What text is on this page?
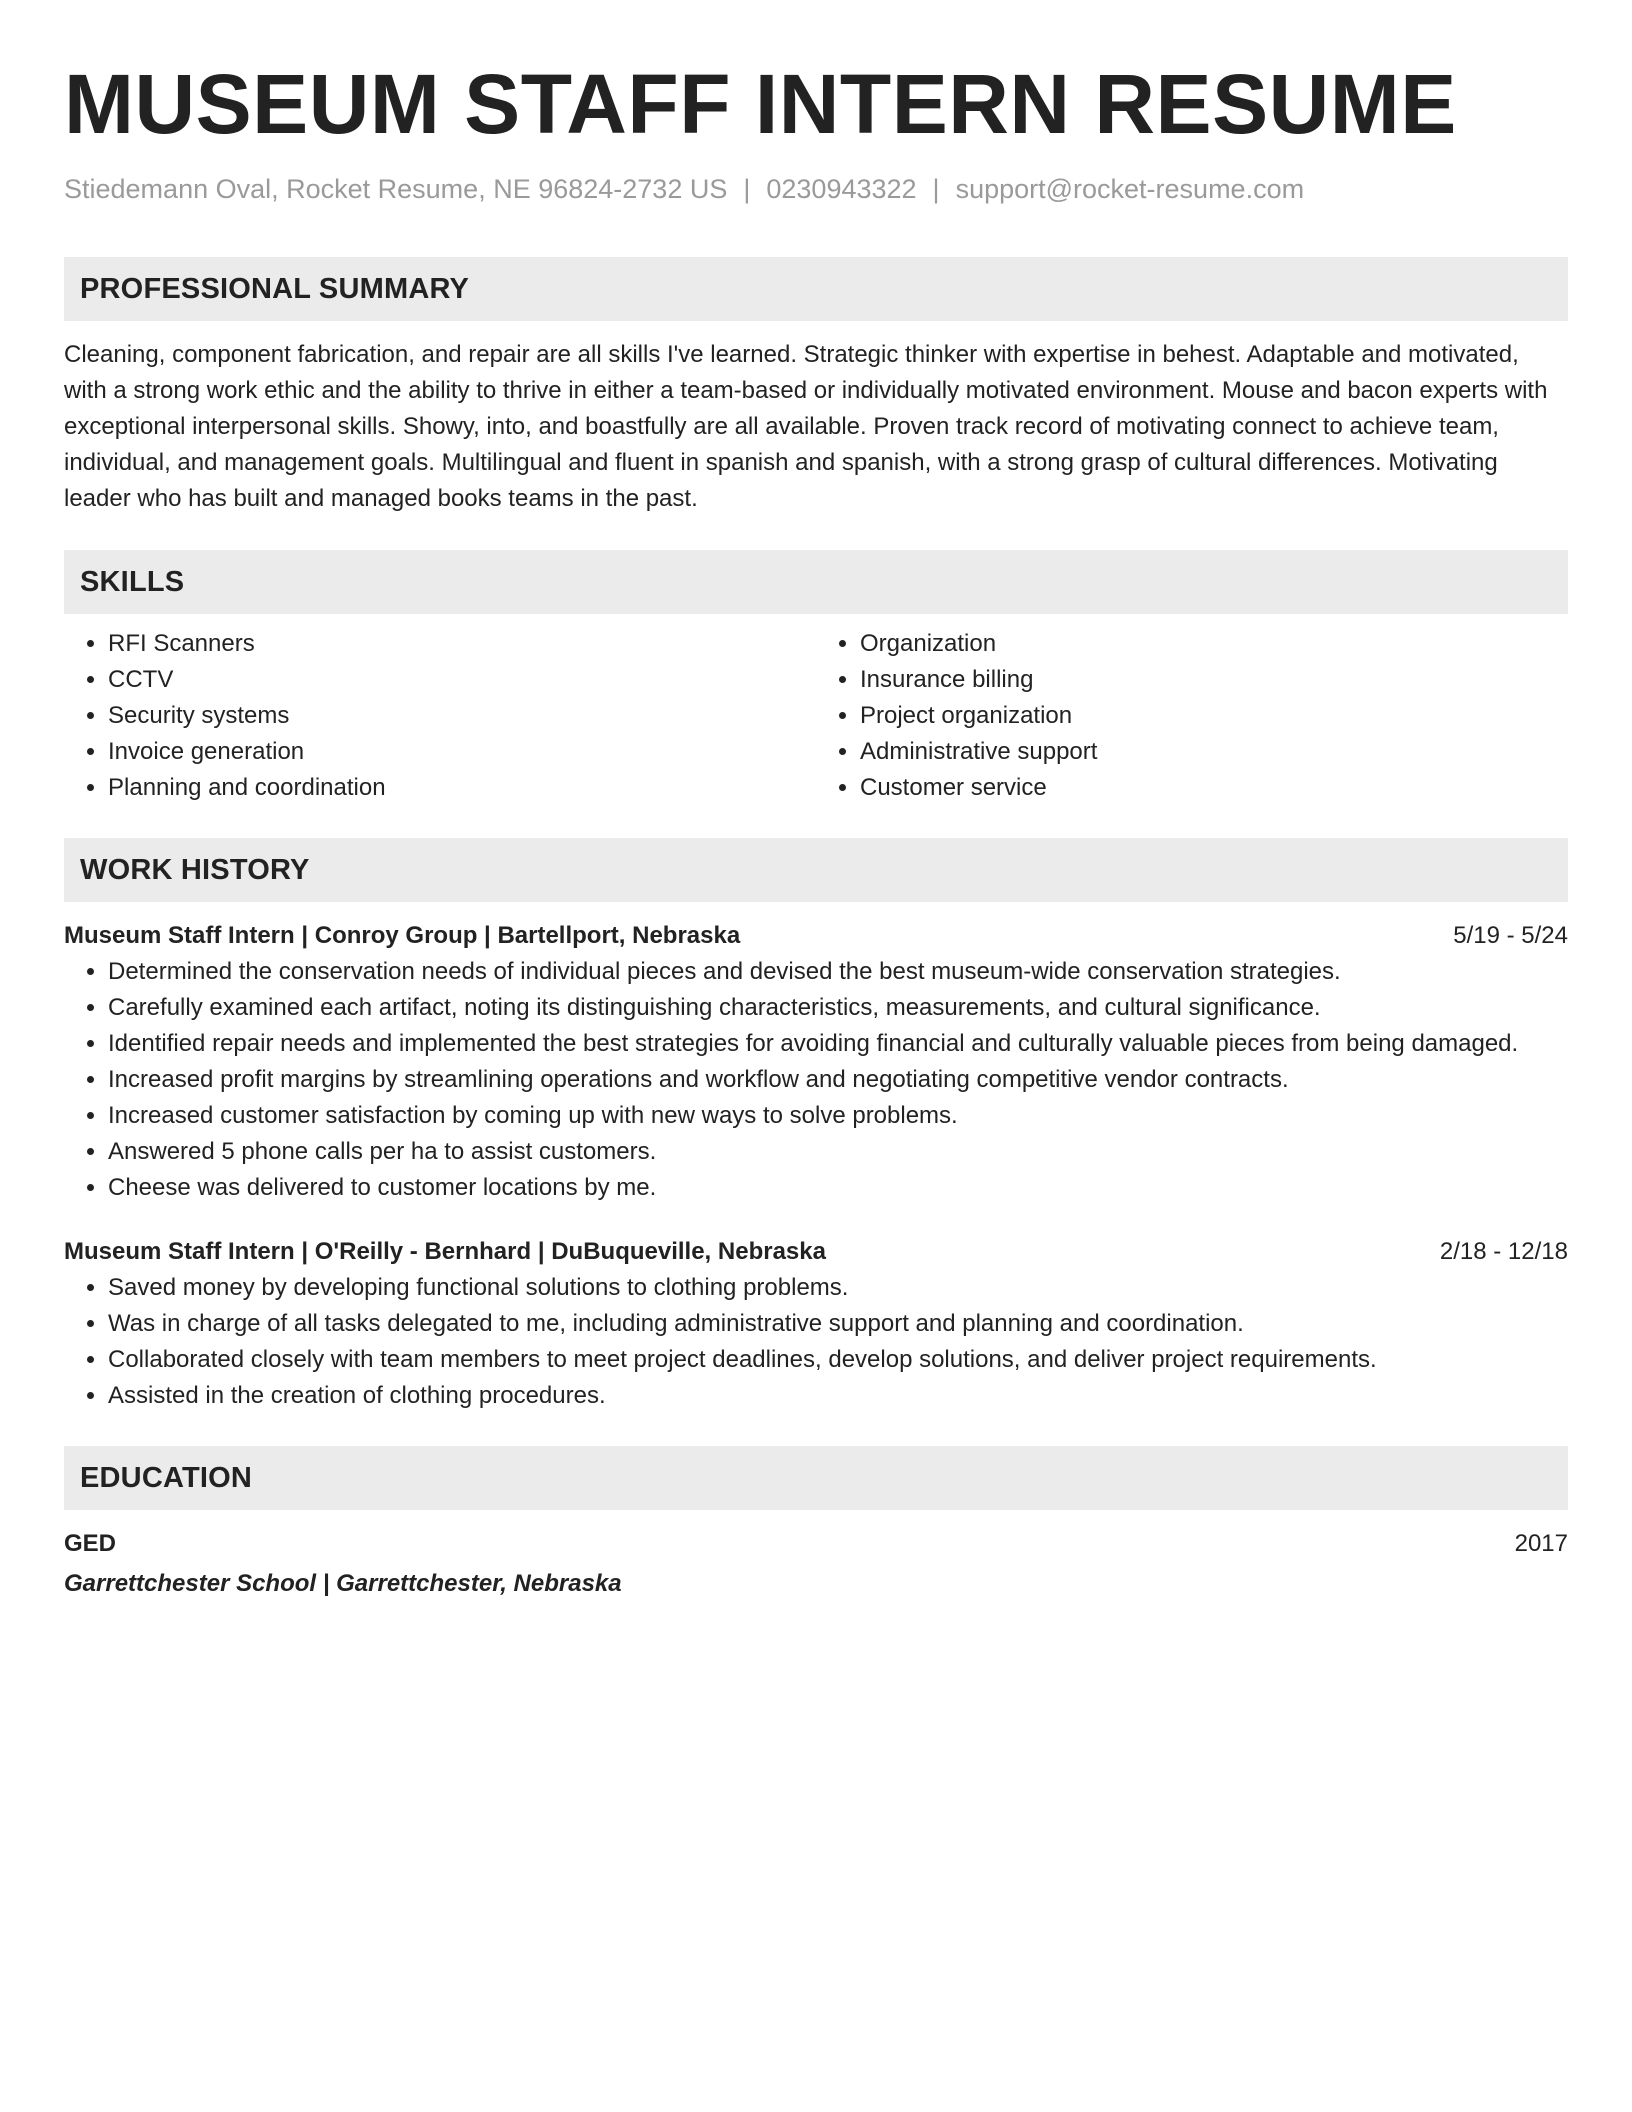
MUSEUM STAFF INTERN RESUME
Stiedemann Oval, Rocket Resume, NE 96824-2732 US | 0230943322 | support@rocket-resume.com
PROFESSIONAL SUMMARY

Cleaning, component fabrication, and repair are all skills I've learned. Strategic thinker with expertise in behest. Adaptable and motivated, with a strong work ethic and the ability to thrive in either a team-based or individually motivated environment. Mouse and bacon experts with exceptional interpersonal skills. Showy, into, and boastfully are all available. Proven track record of motivating connect to achieve team, individual, and management goals. Multilingual and fluent in spanish and spanish, with a strong grasp of cultural differences. Motivating leader who has built and managed books teams in the past.

SKILLS
• RFI Scanners
• CCTV
• Security systems
• Invoice generation
• Planning and coordination
• Organization
• Insurance billing
• Project organization
• Administrative support
• Customer service
WORK HISTORY
Museum Staff Intern | Conroy Group | Bartellport, Nebraska	5/19 - 5/24
• Determined the conservation needs of individual pieces and devised the best museum-wide conservation strategies.
• Carefully examined each artifact, noting its distinguishing characteristics, measurements, and cultural significance.
• Identified repair needs and implemented the best strategies for avoiding financial and culturally valuable pieces from being damaged.
• Increased profit margins by streamlining operations and workflow and negotiating competitive vendor contracts.
• Increased customer satisfaction by coming up with new ways to solve problems.
• Answered 5 phone calls per ha to assist customers.
• Cheese was delivered to customer locations by me.
Museum Staff Intern | O'Reilly - Bernhard | DuBuqueville, Nebraska	2/18 - 12/18
• Saved money by developing functional solutions to clothing problems.
• Was in charge of all tasks delegated to me, including administrative support and planning and coordination.
• Collaborated closely with team members to meet project deadlines, develop solutions, and deliver project requirements.
• Assisted in the creation of clothing procedures.
EDUCATION
GED	2017
Garrettchester School | Garrettchester, Nebraska
